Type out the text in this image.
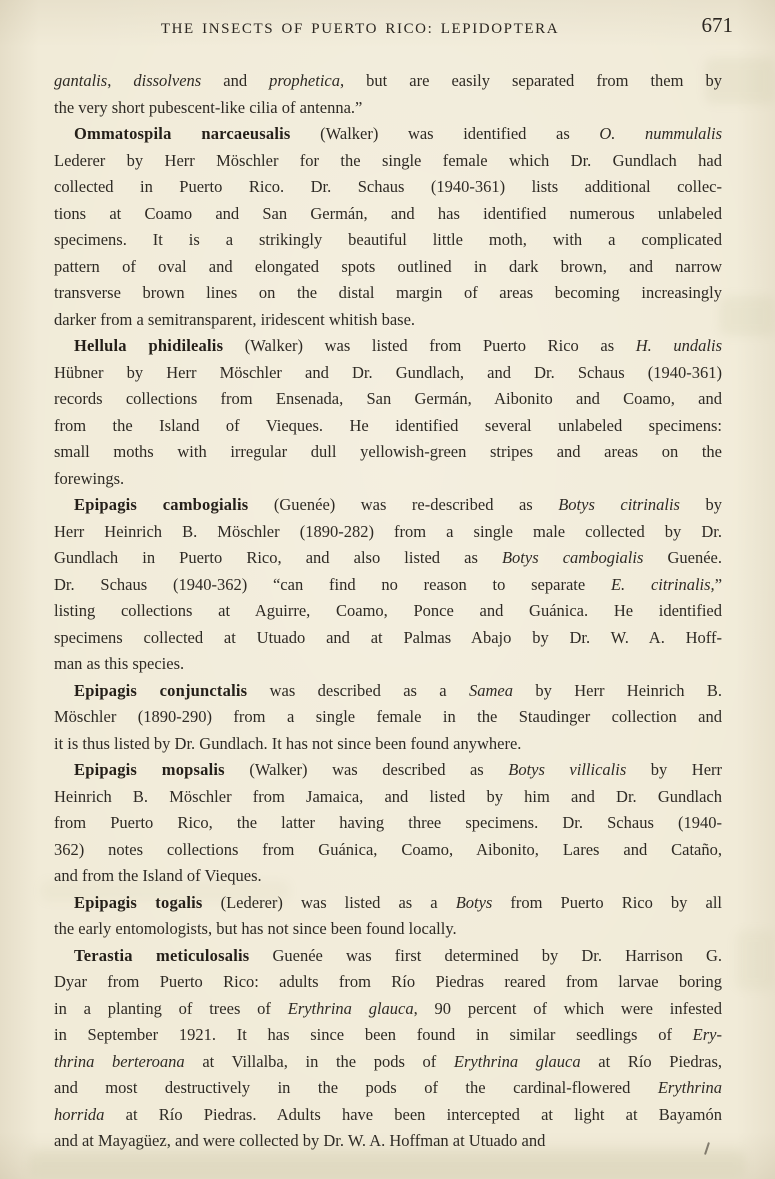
THE INSECTS OF PUERTO RICO: LEPIDOPTERA	671
gantalis, dissolvens and prophetica, but are easily separated from them by
the very short pubescent-like cilia of antenna.”
Ommatospila narcaeusalis (Walker) was identified as O. nummulalis
Lederer by Herr Möschler for the single female which Dr. Gundlach had
collected in Puerto Rico. Dr. Schaus (1940-361) lists additional collec-
tions at Coamo and San Germán, and has identified numerous unlabeled
specimens. It is a strikingly beautiful little moth, with a complicated
pattern of oval and elongated spots outlined in dark brown, and narrow
transverse brown lines on the distal margin of areas becoming increasingly
darker from a semitransparent, iridescent whitish base.
Hellula phidilealis (Walker) was listed from Puerto Rico as H. undalis
Hübner by Herr Möschler and Dr. Gundlach, and Dr. Schaus (1940-361)
records collections from Ensenada, San Germán, Aibonito and Coamo, and
from the Island of Vieques. He identified several unlabeled specimens:
small moths with irregular dull yellowish-green stripes and areas on the
forewings.
Epipagis cambogialis (Guenée) was re-described as Botys citrinalis by
Herr Heinrich B. Möschler (1890-282) from a single male collected by Dr.
Gundlach in Puerto Rico, and also listed as Botys cambogialis Guenée.
Dr. Schaus (1940-362) “can find no reason to separate E. citrinalis,”
listing collections at Aguirre, Coamo, Ponce and Guánica. He identified
specimens collected at Utuado and at Palmas Abajo by Dr. W. A. Hoff-
man as this species.
Epipagis conjunctalis was described as a Samea by Herr Heinrich B.
Möschler (1890-290) from a single female in the Staudinger collection and
it is thus listed by Dr. Gundlach. It has not since been found anywhere.
Epipagis mopsalis (Walker) was described as Botys villicalis by Herr
Heinrich B. Möschler from Jamaica, and listed by him and Dr. Gundlach
from Puerto Rico, the latter having three specimens. Dr. Schaus (1940-
362) notes collections from Guánica, Coamo, Aibonito, Lares and Cataño,
and from the Island of Vieques.
Epipagis togalis (Lederer) was listed as a Botys from Puerto Rico by all
the early entomologists, but has not since been found locally.
Terastia meticulosalis Guenée was first determined by Dr. Harrison G.
Dyar from Puerto Rico: adults from Río Piedras reared from larvae boring
in a planting of trees of Erythrina glauca, 90 percent of which were infested
in September 1921. It has since been found in similar seedlings of Ery-
thrina berteroana at Villalba, in the pods of Erythrina glauca at Río Piedras,
and most destructively in the pods of the cardinal-flowered Erythrina
horrida at Río Piedras. Adults have been intercepted at light at Bayamón
and at Mayagüez, and were collected by Dr. W. A. Hoffman at Utuado and
